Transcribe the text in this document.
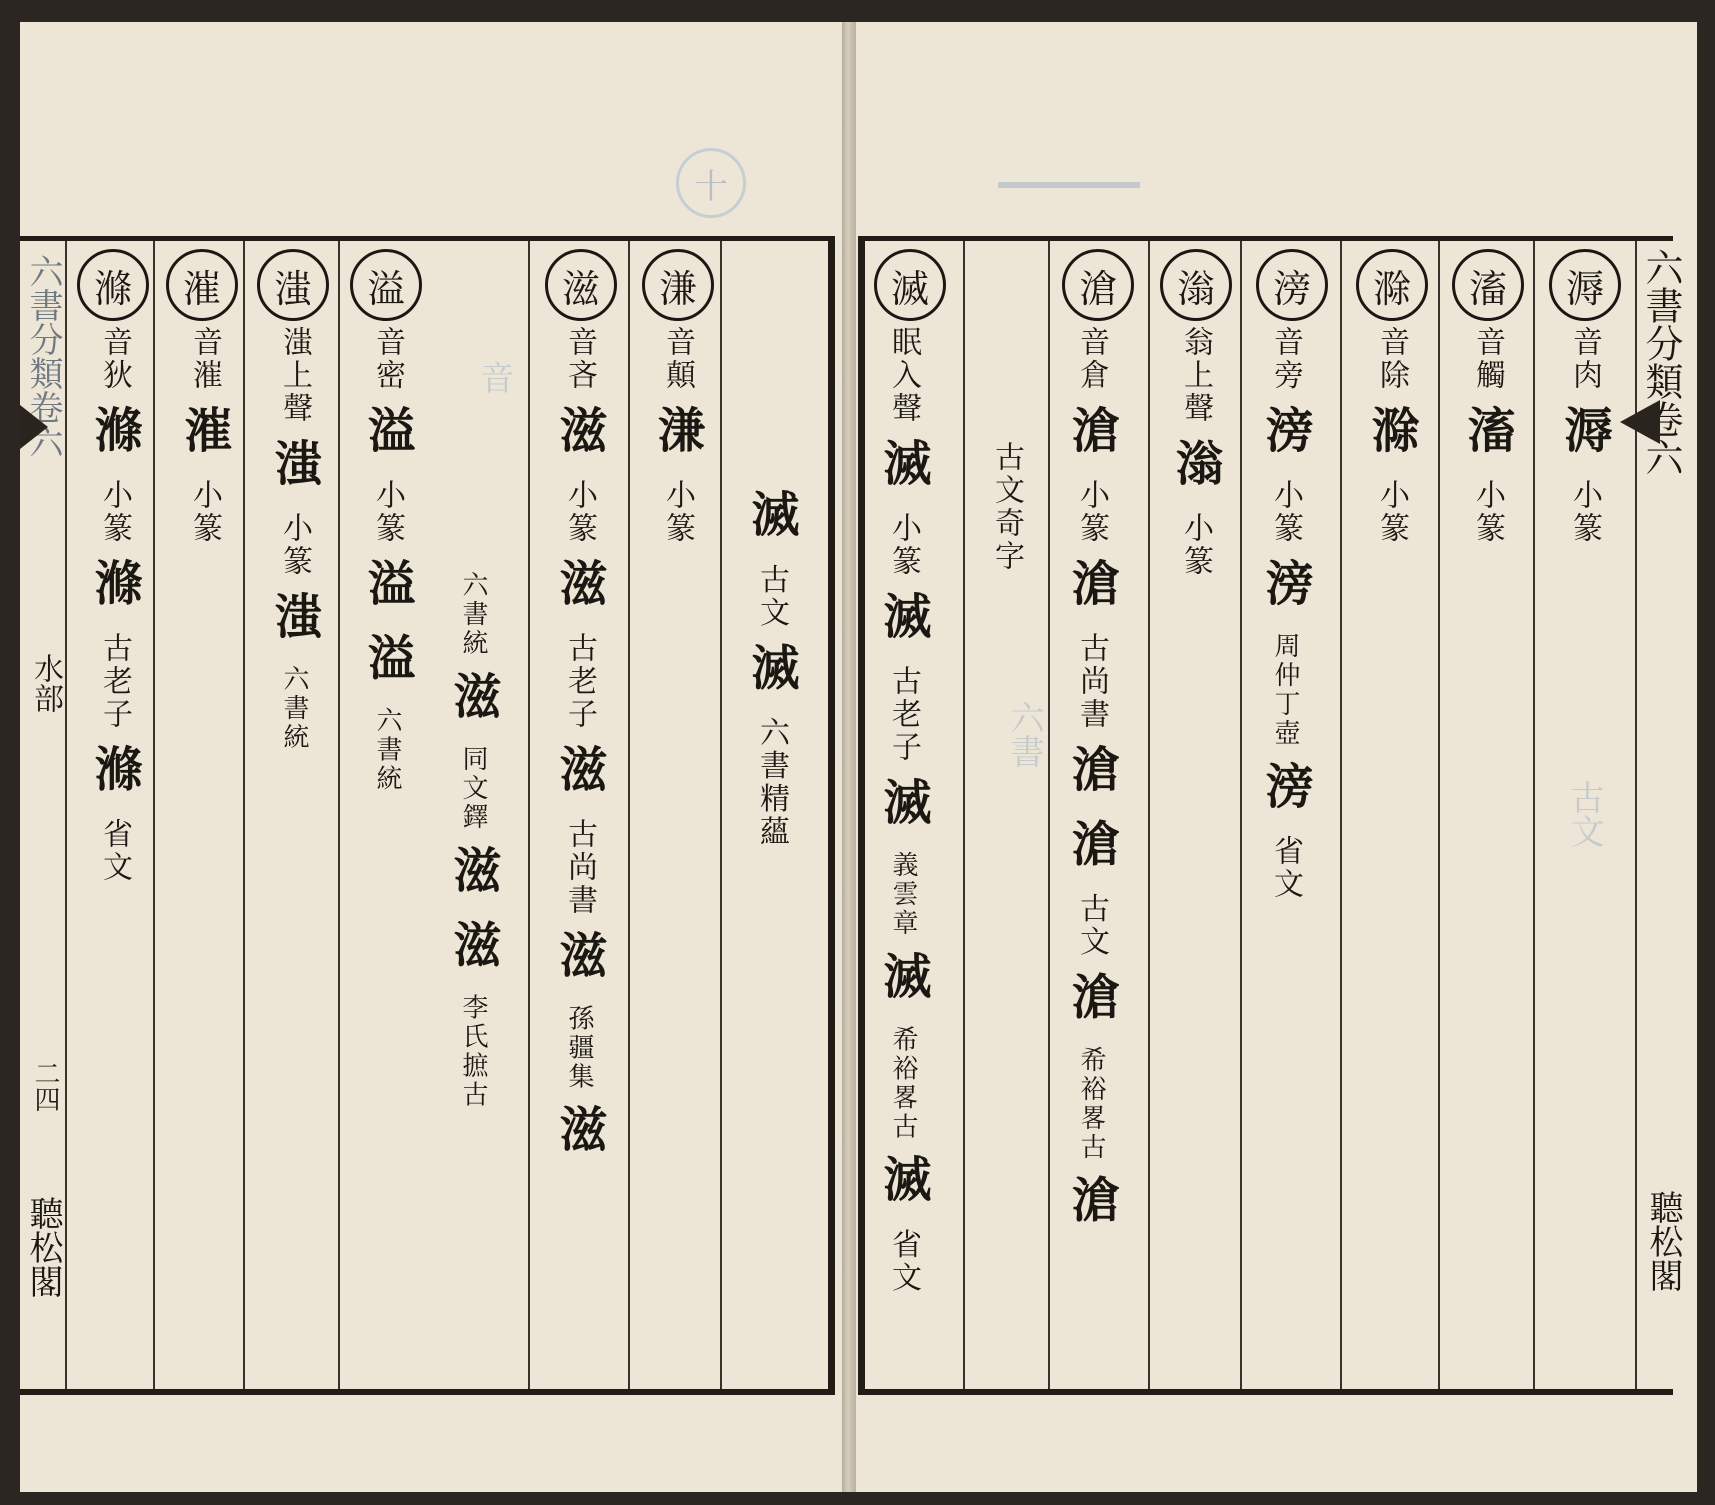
十
六書分類卷六
水部
二四
聽松閣
滌
音狄 滌 小篆 滌 古老子 滌 省文
漼
音漼 漼 小篆
滍
滍上聲 滍 小篆 滍 六書統
溢
音密 溢 小篆 溢 溢 六書統
六書統 滋 同文鐸 滋 滋 李氏摭古
滋
音吝 滋 小篆 滋 古老子 滋 古尚書 滋 孫疆集 滋
溓
音顛 溓 小篆 滅 古文 滅 六書精蘊
滅
眠入聲 滅 小篆 滅 古老子 滅 義雲章 滅 希裕畧古 滅 省文
古文奇字
滄
音倉 滄 小篆 滄 古尚書 滄 滄 古文 滄 希裕畧古 滄
滃
翁上聲 滃 小篆
滂
音旁 滂 小篆 滂 周仲丁壺 滂 省文
滁
音除 滁 小篆
滀
音觸 滀 小篆
溽
音肉 溽 小篆
六書分類卷六
聽松閣
音
六書
古文
